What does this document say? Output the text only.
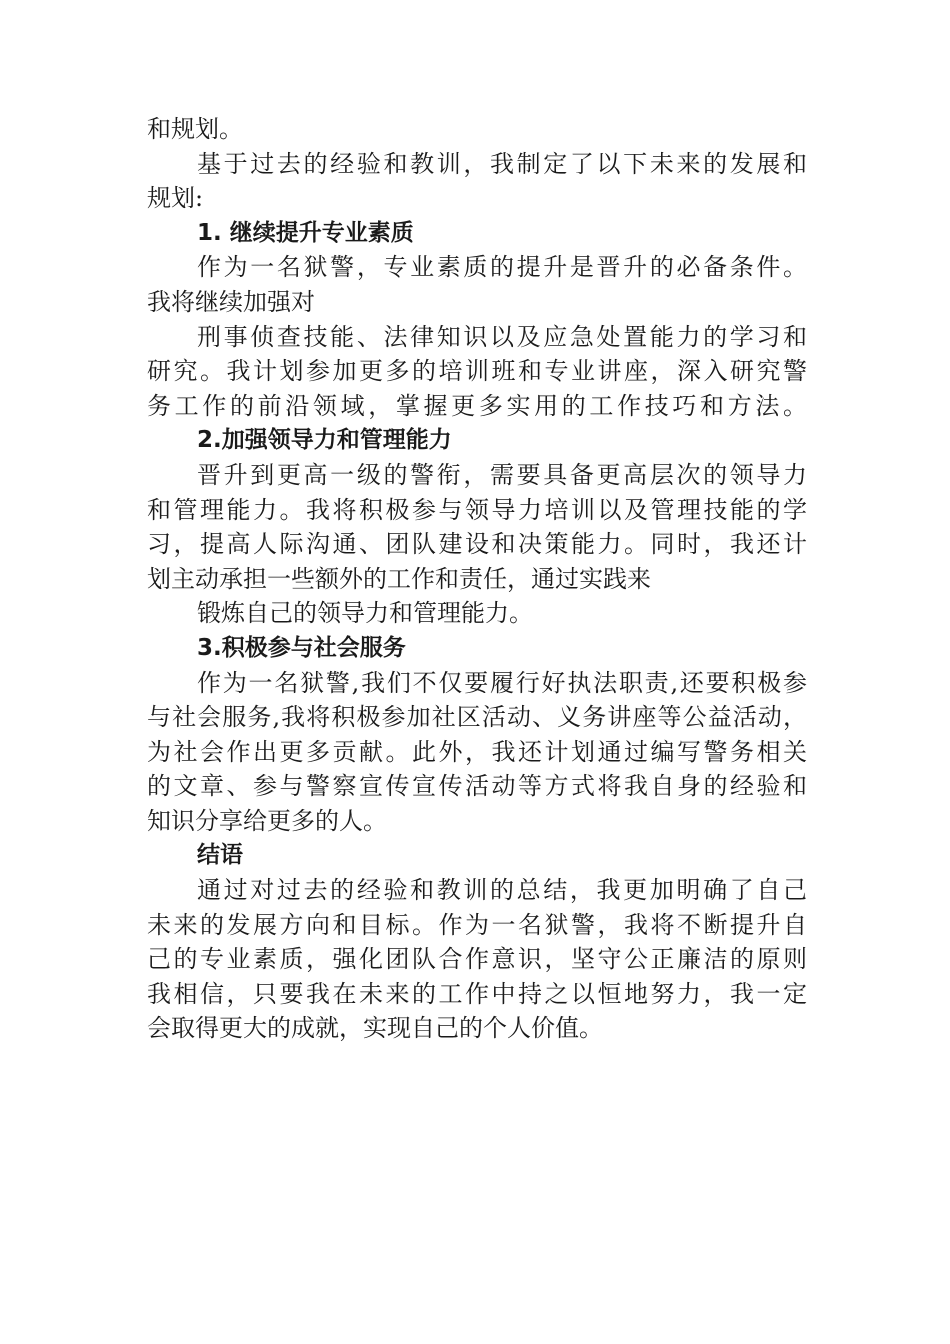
和规划。
基于过去的经验和教训，我制定了以下未来的发展和
规划:
1. 继续提升专业素质
作为一名狱警，专业素质的提升是晋升的必备条件。
我将继续加强对
刑事侦查技能、法律知识以及应急处置能力的学习和
研究。我计划参加更多的培训班和专业讲座，深入研究警
务工作的前沿领域，掌握更多实用的工作技巧和方法。
2.加强领导力和管理能力
晋升到更高一级的警衔，需要具备更高层次的领导力
和管理能力。我将积极参与领导力培训以及管理技能的学
习，提高人际沟通、团队建设和决策能力。同时，我还计
划主动承担一些额外的工作和责任，通过实践来
锻炼自己的领导力和管理能力。
3.积极参与社会服务
作为一名狱警,我们不仅要履行好执法职责,还要积极参
与社会服务,我将积极参加社区活动、义务讲座等公益活动，
为社会作出更多贡献。此外，我还计划通过编写警务相关
的文章、参与警察宣传宣传活动等方式将我自身的经验和
知识分享给更多的人。
结语
通过对过去的经验和教训的总结，我更加明确了自己
未来的发展方向和目标。作为一名狱警，我将不断提升自
己的专业素质，强化团队合作意识，坚守公正廉洁的原则
我相信，只要我在未来的工作中持之以恒地努力，我一定
会取得更大的成就，实现自己的个人价值。
